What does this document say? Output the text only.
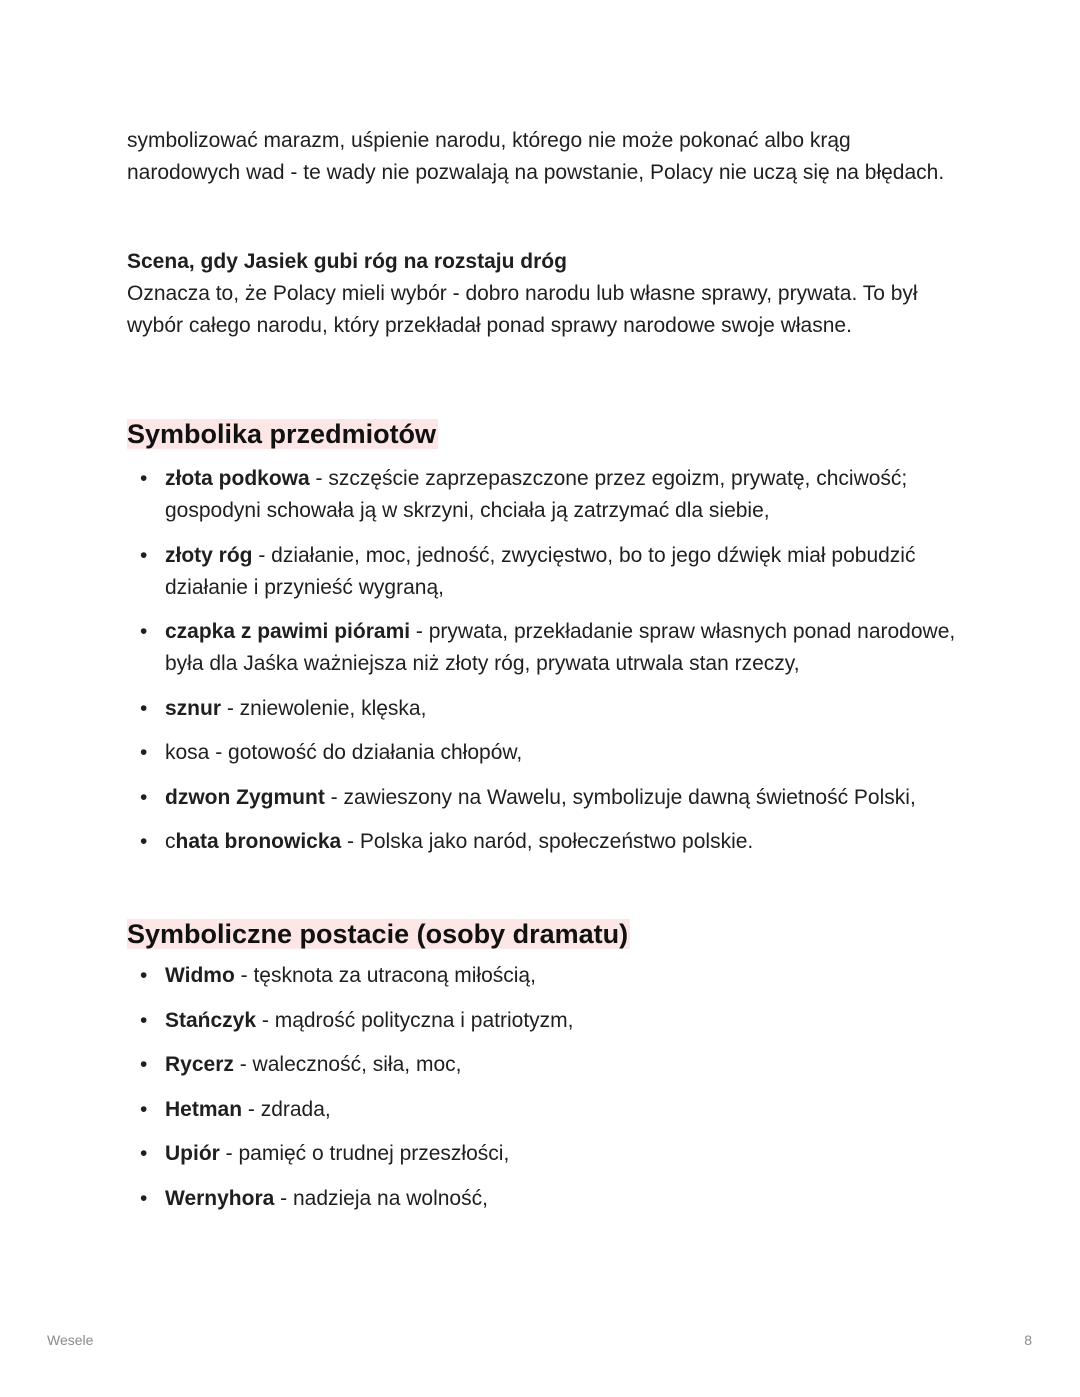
symbolizować marazm, uśpienie narodu, którego nie może pokonać albo krąg narodowych wad - te wady nie pozwalają na powstanie, Polacy nie uczą się na błędach.

Scena, gdy Jasiek gubi róg na rozstaju dróg

Oznacza to, że Polacy mieli wybór - dobro narodu lub własne sprawy, prywata. To był wybór całego narodu, który przekładał ponad sprawy narodowe swoje własne.

Symbolika przedmiotów
• złota podkowa - szczęście zaprzepaszczone przez egoizm, prywatę, chciwość; gospodyni schowała ją w skrzyni, chciała ją zatrzymać dla siebie,
• złoty róg - działanie, moc, jedność, zwycięstwo, bo to jego dźwięk miał pobudzić działanie i przynieść wygraną,
• czapka z pawimi piórami - prywata, przekładanie spraw własnych ponad narodowe, była dla Jaśka ważniejsza niż złoty róg, prywata utrwala stan rzeczy,
• sznur - zniewolenie, klęska,
• kosa - gotowość do działania chłopów,
• dzwon Zygmunt - zawieszony na Wawelu, symbolizuje dawną świetność Polski,
• chata bronowicka - Polska jako naród, społeczeństwo polskie.
Symboliczne postacie (osoby dramatu)
• Widmo - tęsknota za utraconą miłością,
• Stańczyk - mądrość polityczna i patriotyzm,
• Rycerz - waleczność, siła, moc,
• Hetman - zdrada,
• Upiór - pamięć o trudnej przeszłości,
• Wernyhora - nadzieja na wolność,
Wesele	8
